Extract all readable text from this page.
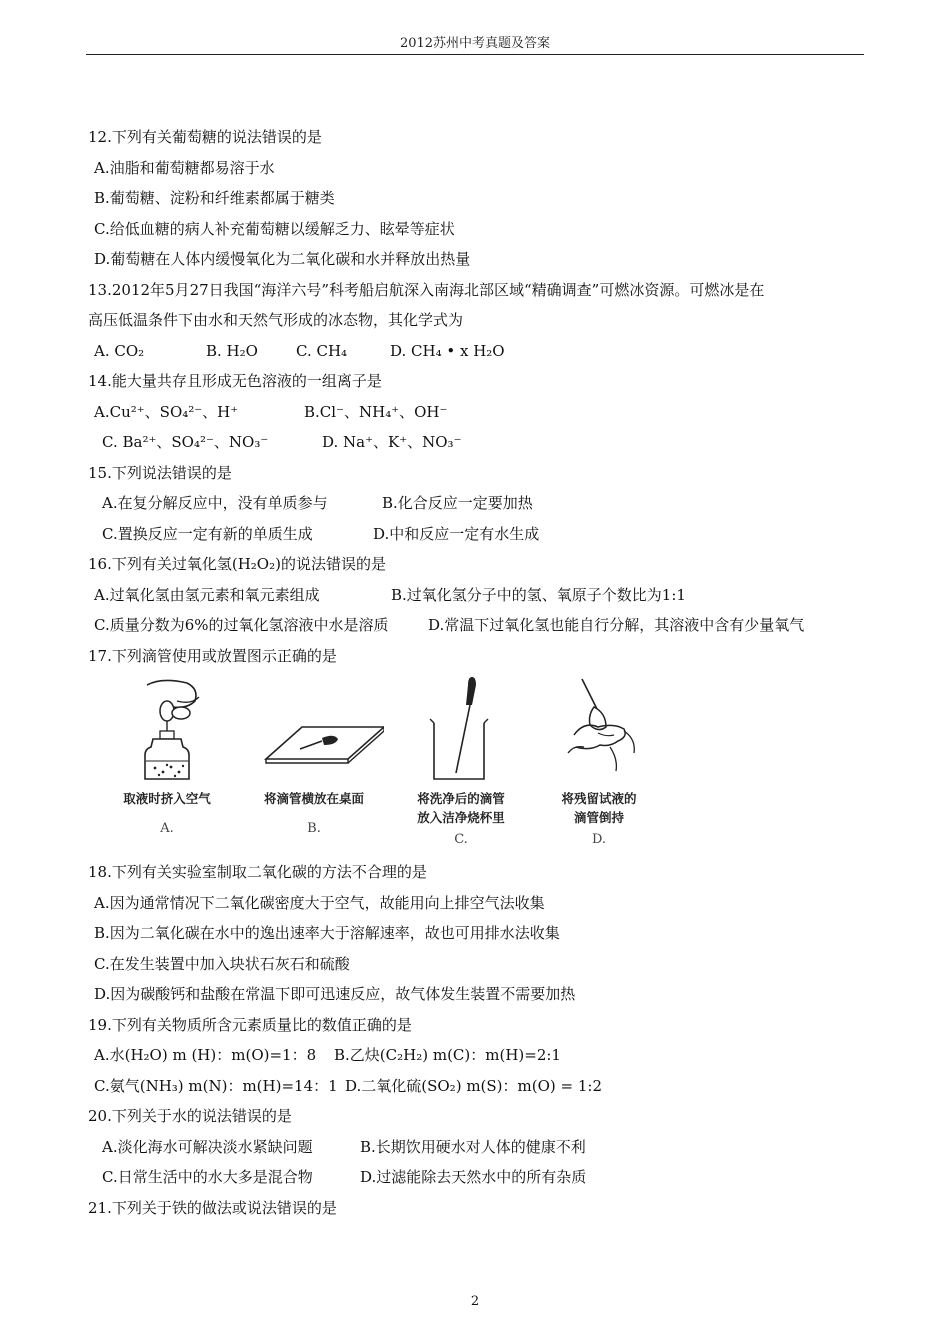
2012苏州中考真题及答案
12.下列有关葡萄糖的说法错误的是
A.油脂和葡萄糖都易溶于水
B.葡萄糖、淀粉和纤维素都属于糖类
C.给低血糖的病人补充葡萄糖以缓解乏力、眩晕等症状
D.葡萄糖在人体内缓慢氧化为二氧化碳和水并释放出热量
13.2012年5月27日我国“海洋六号”科考船启航深入南海北部区域“精确调查”可燃冰资源。可燃冰是在
高压低温条件下由水和天然气形成的冰态物，其化学式为
A. CO₂	B. H₂O	C. CH₄	D. CH₄ • x H₂O
14.能大量共存且形成无色溶液的一组离子是
A.Cu²⁺、SO₄²⁻、H⁺	B.Cl⁻、NH₄⁺、OH⁻
C. Ba²⁺、SO₄²⁻、NO₃⁻	D. Na⁺、K⁺、NO₃⁻
15.下列说法错误的是
A.在复分解反应中，没有单质参与	B.化合反应一定要加热
C.置换反应一定有新的单质生成	D.中和反应一定有水生成
16.下列有关过氧化氢(H₂O₂)的说法错误的是
A.过氧化氢由氢元素和氧元素组成	B.过氧化氢分子中的氢、氧原子个数比为1:1
C.质量分数为6%的过氧化氢溶液中水是溶质	D.常温下过氧化氢也能自行分解，其溶液中含有少量氧气
17.下列滴管使用或放置图示正确的是
取液时挤入空气
A.
将滴管横放在桌面
B.
将洗净后的滴管
放入洁净烧杯里
C.
将残留试液的
滴管倒持
D.
18.下列有关实验室制取二氧化碳的方法不合理的是
A.因为通常情况下二氧化碳密度大于空气，故能用向上排空气法收集
B.因为二氧化碳在水中的逸出速率大于溶解速率，故也可用排水法收集
C.在发生装置中加入块状石灰石和硫酸
D.因为碳酸钙和盐酸在常温下即可迅速反应，故气体发生装置不需要加热
19.下列有关物质所含元素质量比的数值正确的是
A.水(H₂O) m (H)：m(O)=1：8 B.乙炔(C₂H₂) m(C)：m(H)=2:1
C.氨气(NH₃) m(N)：m(H)=14：1 D.二氧化硫(SO₂) m(S)：m(O) = 1:2
20.下列关于水的说法错误的是
A.淡化海水可解决淡水紧缺问题	B.长期饮用硬水对人体的健康不利
C.日常生活中的水大多是混合物	D.过滤能除去天然水中的所有杂质
21.下列关于铁的做法或说法错误的是
2
